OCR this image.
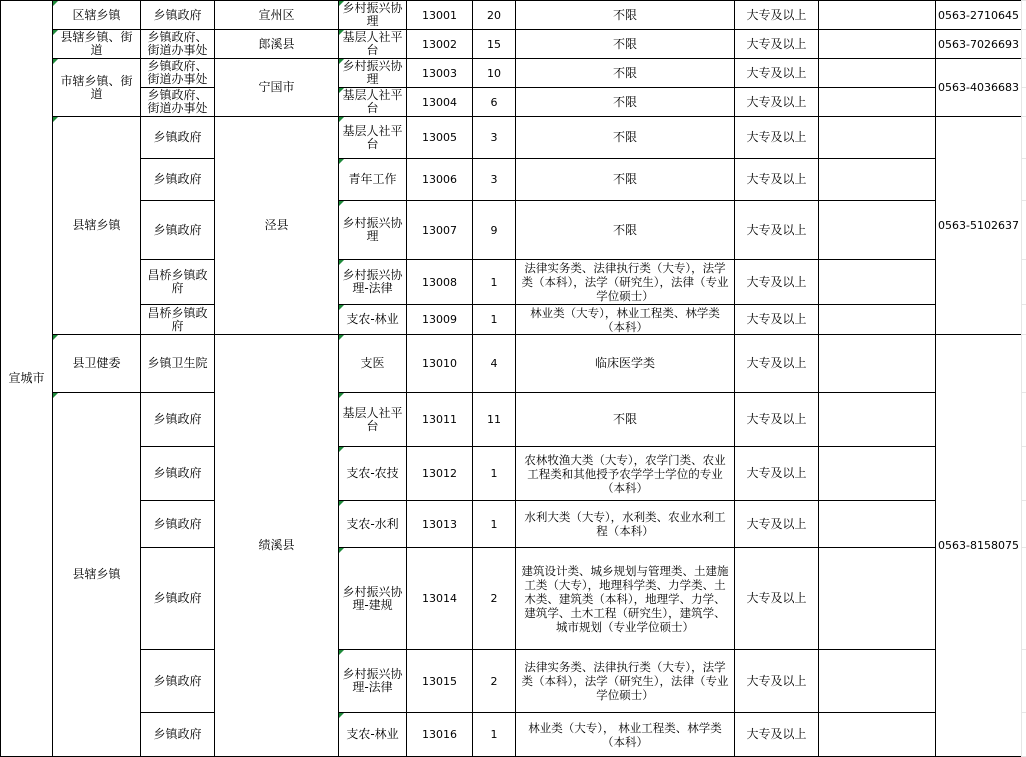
宣城市	区辖乡镇	乡镇政府	宣州区	乡村振兴协理	13001	20	不限	大专及以上		0563-2710645	
	县辖乡镇、街道	乡镇政府、街道办事处	郎溪县	基层人社平台	13002	15	不限	大专及以上		0563-7026693	
	市辖乡镇、街道	乡镇政府、街道办事处	宁国市	乡村振兴协理	13003	10	不限	大专及以上		0563-4036683	
		乡镇政府、街道办事处		基层人社平台	13004	6	不限	大专及以上			
	县辖乡镇	乡镇政府	泾县	基层人社平台	13005	3	不限	大专及以上		0563-5102637	
		乡镇政府		青年工作	13006	3	不限	大专及以上			
		乡镇政府		乡村振兴协理	13007	9	不限	大专及以上			
		昌桥乡镇政府		乡村振兴协理-法律	13008	1	法律实务类、法律执行类（大专），法学类（本科），法学（研究生），法律（专业学位硕士）	大专及以上			
		昌桥乡镇政府		支农-林业	13009	1	林业类（大专），林业工程类、林学类（本科）	大专及以上			
	县卫健委	乡镇卫生院	绩溪县	支医	13010	4	临床医学类	大专及以上		0563-8158075	
	县辖乡镇	乡镇政府		基层人社平台	13011	11	不限	大专及以上			
		乡镇政府		支农-农技	13012	1	农林牧渔大类（大专），农学门类、农业工程类和其他授予农学学士学位的专业（本科）	大专及以上			
		乡镇政府		支农-水利	13013	1	水利大类（大专），水利类、农业水利工程（本科）	大专及以上			
		乡镇政府		乡村振兴协理-建规	13014	2	建筑设计类、城乡规划与管理类、土建施工类（大专），地理科学类、力学类、土木类、建筑类（本科），地理学、力学、建筑学、土木工程（研究生），建筑学、城市规划（专业学位硕士）	大专及以上			
		乡镇政府		乡村振兴协理-法律	13015	2	法律实务类、法律执行类（大专），法学类（本科），法学（研究生），法律（专业学位硕士）	大专及以上			
		乡镇政府		支农-林业	13016	1	林业类（大专）， 林业工程类、林学类（本科）	大专及以上			
